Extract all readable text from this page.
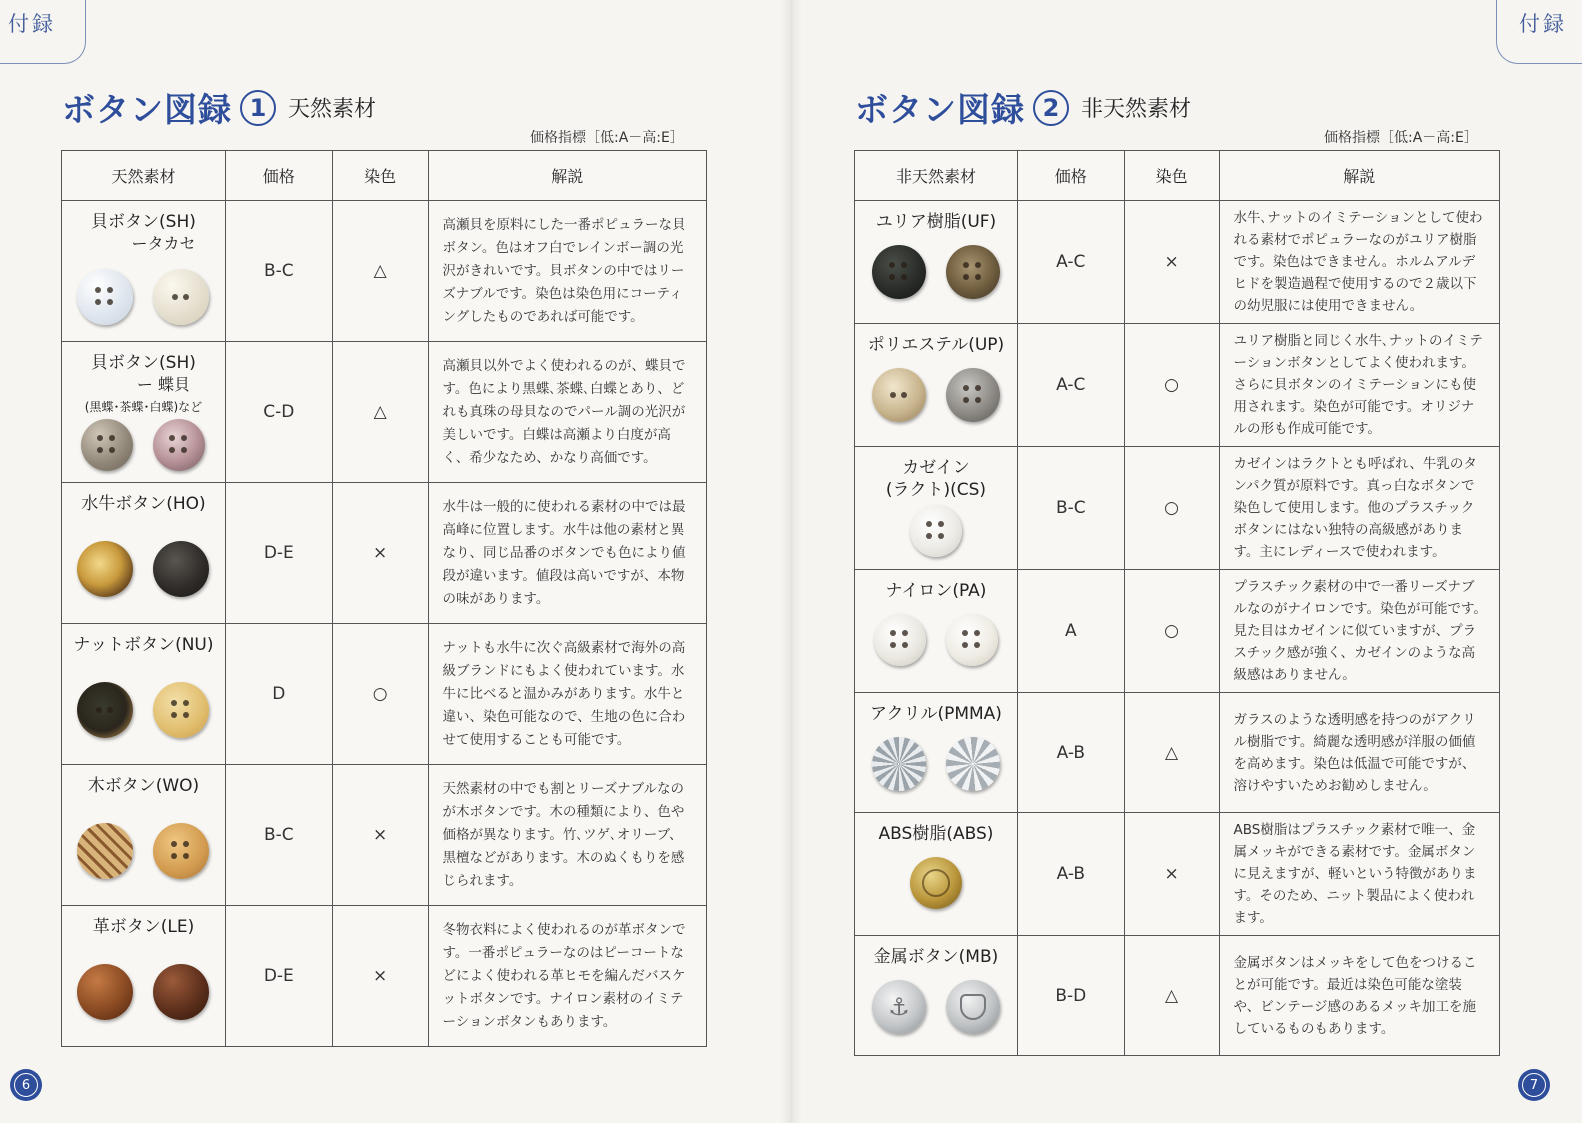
付録
ボタン図録 1 天然素材
価格指標［低:A－高:E］
天然素材	価格	染色	解説

貝ボタン(SH)
ータカセ	B-C	△	高瀬貝を原料にした一番ポピュラーな貝ボタン。色はオフ白でレインボー調の光沢がきれいです。貝ボタンの中ではリーズナブルです。染色は染色用にコーティングしたものであれば可能です。

貝ボタン(SH)
ー 蝶貝
(黒蝶･茶蝶･白蝶)など	C-D	△	高瀬貝以外でよく使われるのが、蝶貝です。色により黒蝶､茶蝶､白蝶とあり、どれも真珠の母貝なのでパール調の光沢が美しいです。白蝶は高瀬より白度が高く、希少なため、かなり高価です。

水牛ボタン(HO)	D-E	×	水牛は一般的に使われる素材の中では最高峰に位置します。水牛は他の素材と異なり、同じ品番のボタンでも色により値段が違います。値段は高いですが、本物の味があります。

ナットボタン(NU)	D	○	ナットも水牛に次ぐ高級素材で海外の高級ブランドにもよく使われています。水牛に比べると温かみがあります。水牛と違い、染色可能なので、生地の色に合わせて使用することも可能です。

木ボタン(WO)	B-C	×	天然素材の中でも割とリーズナブルなのが木ボタンです。木の種類により、色や価格が異なります。竹､ツゲ､オリーブ、黒檀などがあります。木のぬくもりを感じられます。

革ボタン(LE)	D-E	×	冬物衣料によく使われるのが革ボタンです。一番ポピュラーなのはピーコートなどによく使われる革ヒモを編んだバスケットボタンです。ナイロン素材のイミテーションボタンもあります。
6
付録
ボタン図録 2 非天然素材
価格指標［低:A－高:E］
非天然素材	価格	染色	解説

ユリア樹脂(UF)	A-C	×	水牛､ナットのイミテーションとして使われる素材でポピュラーなのがユリア樹脂です。染色はできません。ホルムアルデヒドを製造過程で使用するので２歳以下の幼児服には使用できません。

ポリエステル(UP)	A-C	○	ユリア樹脂と同じく水牛､ナットのイミテーションボタンとしてよく使われます。さらに貝ボタンのイミテーションにも使用されます。染色が可能です。オリジナルの形も作成可能です。

カゼイン
(ラクト)(CS)	B-C	○	カゼインはラクトとも呼ばれ、牛乳のタンパク質が原料です。真っ白なボタンで染色して使用します。他のプラスチックボタンにはない独特の高級感があります。主にレディースで使われます。

ナイロン(PA)	A	○	プラスチック素材の中で一番リーズナブルなのがナイロンです。染色が可能です。見た目はカゼインに似ていますが、プラスチック感が強く、カゼインのような高級感はありません。

アクリル(PMMA)	A-B	△	ガラスのような透明感を持つのがアクリル樹脂です。綺麗な透明感が洋服の価値を高めます。染色は低温で可能ですが、溶けやすいためお勧めしません。

ABS樹脂(ABS)	A-B	×	ABS樹脂はプラスチック素材で唯一、金属メッキができる素材です。金属ボタンに見えますが、軽いという特徴があります。そのため、ニット製品によく使われます。

金属ボタン(MB)
⚓	B-D	△	金属ボタンはメッキをして色をつけることが可能です。最近は染色可能な塗装や、ビンテージ感のあるメッキ加工を施しているものもあります。
7
